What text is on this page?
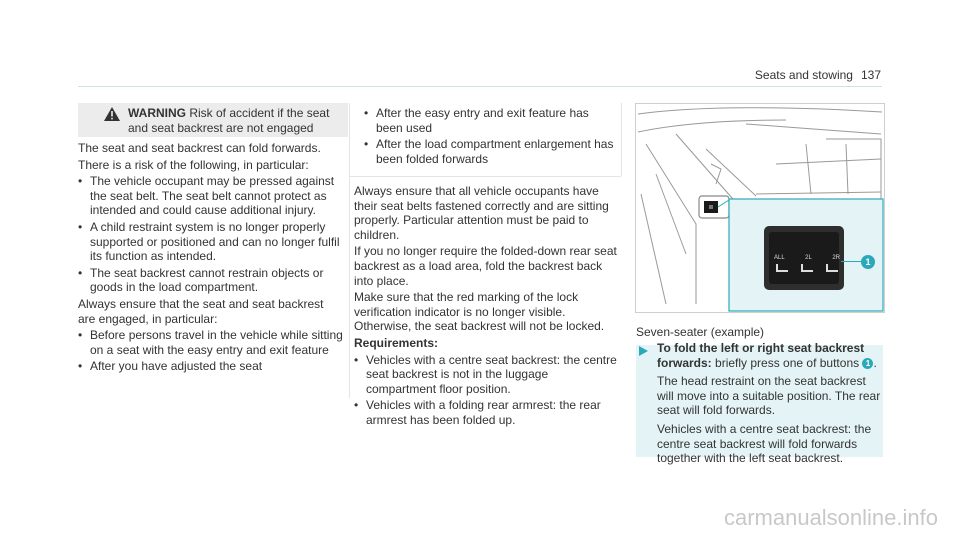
Seats and stowing 137
WARNING Risk of accident if the seat and seat backrest are not engaged

The seat and seat backrest can fold forwards.

There is a risk of the following, in particular:

• The vehicle occupant may be pressed against the seat belt. The seat belt cannot protect as intended and could cause additional injury.
• A child restraint system is no longer properly supported or positioned and can no longer fulfil its function as intended.
• The seat backrest cannot restrain objects or goods in the load compartment.

Always ensure that the seat and seat backrest are engaged, in particular:

• Before persons travel in the vehicle while sitting on a seat with the easy entry and exit feature
• After you have adjusted the seat
• After the easy entry and exit feature has been used
• After the load compartment enlargement has been folded forwards

Always ensure that all vehicle occupants have their seat belts fastened correctly and are sitting properly. Particular attention must be paid to children.

If you no longer require the folded-down rear seat backrest as a load area, fold the backrest back into place.

Make sure that the red marking of the lock verification indicator is no longer visible. Otherwise, the seat backrest will not be locked.

Requirements:

• Vehicles with a centre seat backrest: the centre seat backrest is not in the luggage compartment floor position.
• Vehicles with a folding rear armrest: the rear armrest has been folded up.
ALL	2L	2R	1
Seven-seater (example)

To fold the left or right seat backrest forwards: briefly press one of buttons 1 .

The head restraint on the seat backrest will move into a suitable position. The rear seat will fold forwards.

Vehicles with a centre seat backrest: the centre seat backrest will fold forwards together with the left seat backrest.

carmanualsonline.info
